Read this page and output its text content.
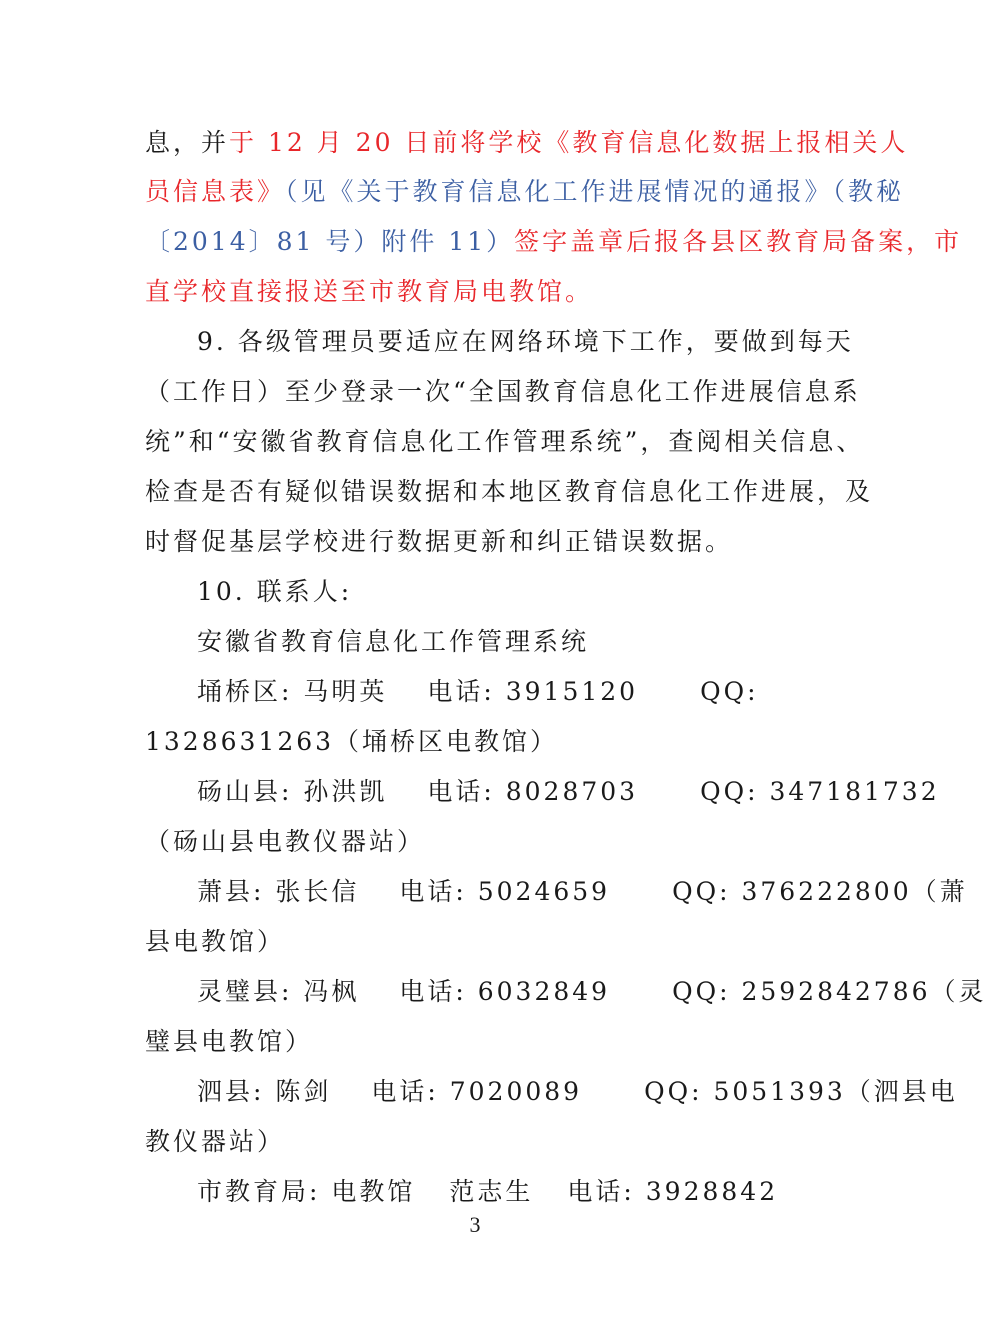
息，并于 12 月 20 日前将学校《教育信息化数据上报相关人
员信息表》（见《关于教育信息化工作进展情况的通报》（教秘
〔2014〕81 号）附件 11）签字盖章后报各县区教育局备案，市
直学校直接报送至市教育局电教馆。
9. 各级管理员要适应在网络环境下工作，要做到每天
（工作日）至少登录一次“全国教育信息化工作进展信息系
统”和“安徽省教育信息化工作管理系统”，查阅相关信息、
检查是否有疑似错误数据和本地区教育信息化工作进展，及
时督促基层学校进行数据更新和纠正错误数据。
10. 联系人:
安徽省教育信息化工作管理系统
埇桥区: 马明英 电话: 3915120 QQ:
1328631263（埇桥区电教馆）
砀山县: 孙洪凯 电话: 8028703 QQ: 347181732
（砀山县电教仪器站）
萧县: 张长信 电话: 5024659 QQ: 376222800（萧
县电教馆）
灵璧县: 冯枫 电话: 6032849 QQ: 2592842786（灵
璧县电教馆）
泗县: 陈剑 电话: 7020089 QQ: 5051393（泗县电
教仪器站）
市教育局: 电教馆 范志生 电话: 3928842
3
